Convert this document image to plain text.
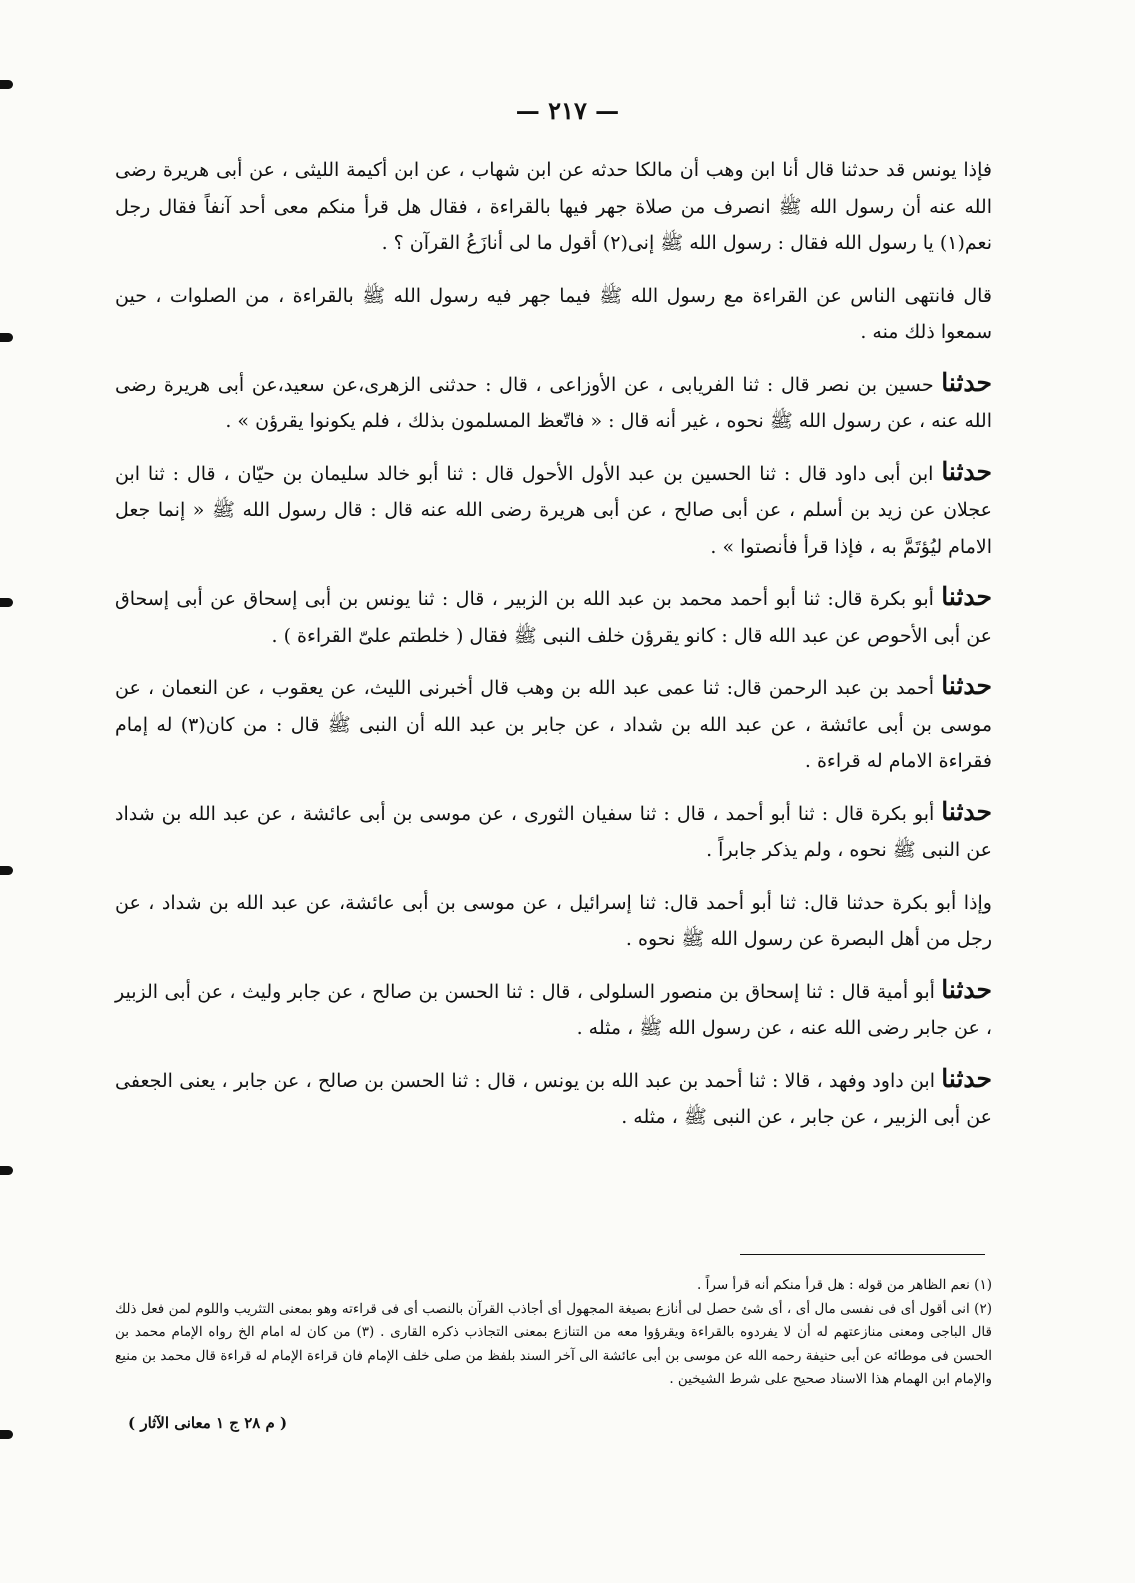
— ٢١٧ —

فإذا يونس قد حدثنا قال أنا ابن وهب أن مالكا حدثه عن ابن شهاب ، عن ابن أكيمة الليثى ، عن أبى هريرة رضى الله عنه أن رسول الله ﷺ انصرف من صلاة جهر فيها بالقراءة ، فقال هل قرأ منكم معى أحد آنفاً فقال رجل نعم(١) يا رسول الله فقال : رسول الله ﷺ إنى(٢) أقول ما لى أنازَعُ القرآن ؟ .

قال فانتهى الناس عن القراءة مع رسول الله ﷺ فيما جهر فيه رسول الله ﷺ بالقراءة ، من الصلوات ، حين سمعوا ذلك منه .

حدثنا حسين بن نصر قال : ثنا الفريابى ، عن الأوزاعى ، قال : حدثنى الزهرى،عن سعيد،عن أبى هريرة رضى الله عنه ، عن رسول الله ﷺ نحوه ، غير أنه قال : « فاتّعظ المسلمون بذلك ، فلم يكونوا يقرؤن » .

حدثنا ابن أبى داود قال : ثنا الحسين بن عبد الأول الأحول قال : ثنا أبو خالد سليمان بن حيّان ، قال : ثنا ابن عجلان عن زيد بن أسلم ، عن أبى صالح ، عن أبى هريرة رضى الله عنه قال : قال رسول الله ﷺ « إنما جعل الامام ليُؤتَمَّ به ، فإذا قرأ فأنصتوا » .

حدثنا أبو بكرة قال: ثنا أبو أحمد محمد بن عبد الله بن الزبير ، قال : ثنا يونس بن أبى إسحاق عن أبى إسحاق عن أبى الأحوص عن عبد الله قال : كانو يقرؤن خلف النبى ﷺ فقال ( خلطتم علىّ القراءة ) .

حدثنا أحمد بن عبد الرحمن قال: ثنا عمى عبد الله بن وهب قال أخبرنى الليث، عن يعقوب ، عن النعمان ، عن موسى بن أبى عائشة ، عن عبد الله بن شداد ، عن جابر بن عبد الله أن النبى ﷺ قال : من كان(٣) له إمام فقراءة الامام له قراءة .

حدثنا أبو بكرة قال : ثنا أبو أحمد ، قال : ثنا سفيان الثورى ، عن موسى بن أبى عائشة ، عن عبد الله بن شداد عن النبى ﷺ نحوه ، ولم يذكر جابراً .

وإذا أبو بكرة حدثنا قال: ثنا أبو أحمد قال: ثنا إسرائيل ، عن موسى بن أبى عائشة، عن عبد الله بن شداد ، عن رجل من أهل البصرة عن رسول الله ﷺ نحوه .

حدثنا أبو أمية قال : ثنا إسحاق بن منصور السلولى ، قال : ثنا الحسن بن صالح ، عن جابر وليث ، عن أبى الزبير ، عن جابر رضى الله عنه ، عن رسول الله ﷺ ، مثله .

حدثنا ابن داود وفهد ، قالا : ثنا أحمد بن عبد الله بن يونس ، قال : ثنا الحسن بن صالح ، عن جابر ، يعنى الجعفى عن أبى الزبير ، عن جابر ، عن النبى ﷺ ، مثله .

(١) نعم الظاهر من قوله : هل قرأ منكم أنه قرأ سراً .

(٢) انى أقول أى فى نفسى مال أى ، أى شئ حصل لى أنازع بصيغة المجهول أى أجاذب القرآن بالنصب أى فى قراءته وهو بمعنى التثريب واللوم لمن فعل ذلك قال الباجى ومعنى منازعتهم له أن لا يفردوه بالقراءة ويقرؤوا معه من التنازع بمعنى التجاذب ذكره القارى . (٣) من كان له امام الخ رواه الإمام محمد بن الحسن فى موطائه عن أبى حنيفة رحمه الله عن موسى بن أبى عائشة الى آخر السند بلفظ من صلى خلف الإمام فان قراءة الإمام له قراءة قال محمد بن منيع والإمام ابن الهمام هذا الاسناد صحيح على شرط الشيخين .

( م ٢٨ ج ١ معانى الآثار )
